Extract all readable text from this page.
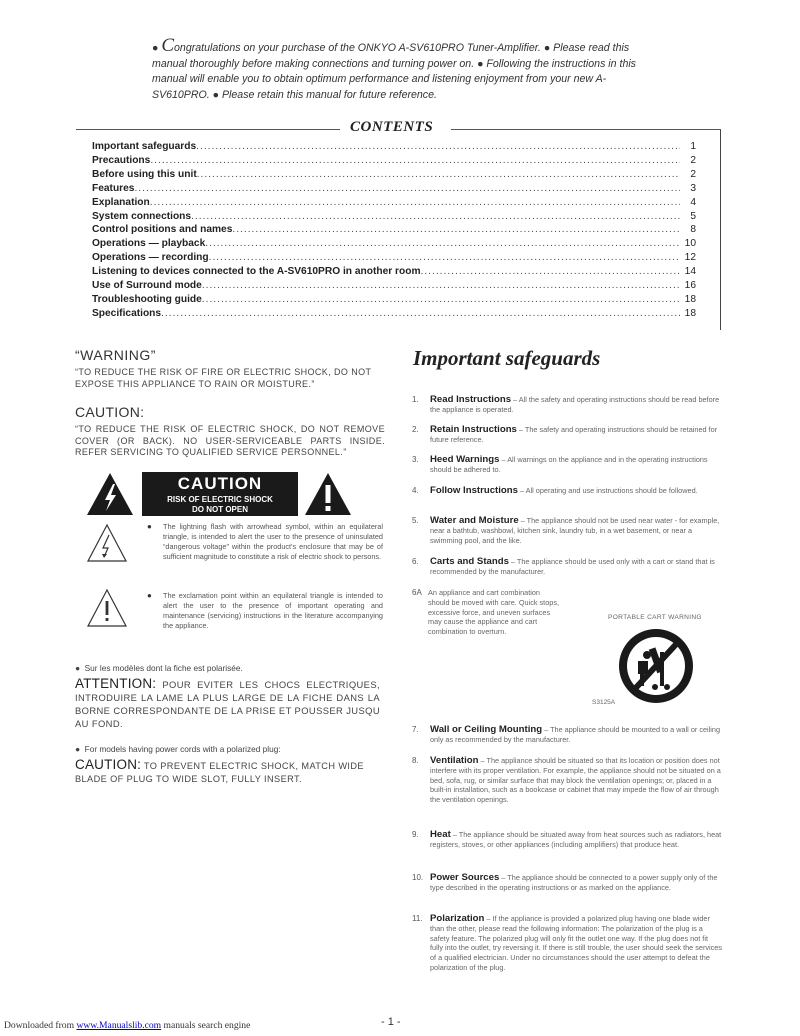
● Congratulations on your purchase of the ONKYO A-SV610PRO Tuner-Amplifier. ● Please read this manual thoroughly before making connections and turning power on. ● Following the instructions in this manual will enable you to obtain optimum performance and listening enjoyment from your new A-SV610PRO. ● Please retain this manual for future reference.
CONTENTS
Important safeguards .....	1
Precautions .....	2
Before using this unit .....	2
Features .....	3
Explanation .....	4
System connections .....	5
Control positions and names .....	8
Operations — playback .....	10
Operations — recording .....	12
Listening to devices connected to the A-SV610PRO in another room .....	14
Use of Surround mode .....	16
Troubleshooting guide .....	18
Specifications .....	18
“WARNING”
“TO REDUCE THE RISK OF FIRE OR ELECTRIC SHOCK, DO NOT EXPOSE THIS APPLIANCE TO RAIN OR MOISTURE.”
CAUTION:
“TO REDUCE THE RISK OF ELECTRIC SHOCK, DO NOT REMOVE COVER (OR BACK). NO USER-SERVICEABLE PARTS INSIDE. REFER SERVICING TO QUALIFIED SERVICE PERSONNEL.”
CAUTION
RISK OF ELECTRIC SHOCK
DO NOT OPEN
● The lightning flash with arrowhead symbol, within an equilateral triangle, is intended to alert the user to the presence of uninsulated “dangerous voltage” within the product's enclosure that may be of sufficient magnitude to constitute a risk of electric shock to persons.
● The exclamation point within an equilateral triangle is intended to alert the user to the presence of important operating and maintenance (servicing) instructions in the literature accompanying the appliance.
● Sur les modèles dont la fiche est polarisée.
ATTENTION: POUR EVITER LES CHOCS ELECTRIQUES, INTRODUIRE LA LAME LA PLUS LARGE DE LA FICHE DANS LA BORNE CORRESPONDANTE DE LA PRISE ET POUSSER JUSQU AU FOND.
● For models having power cords with a polarized plug:
CAUTION: TO PREVENT ELECTRIC SHOCK, MATCH WIDE BLADE OF PLUG TO WIDE SLOT, FULLY INSERT.
Important safeguards
1.	Read Instructions – All the safety and operating instructions should be read before the appliance is operated.
2.	Retain Instructions – The safety and operating instructions should be retained for future reference.
3.	Heed Warnings – All warnings on the appliance and in the operating instructions should be adhered to.
4.	Follow Instructions – All operating and use instructions should be followed.
5.	Water and Moisture – The appliance should not be used near water - for example, near a bathtub, washbowl, kitchen sink, laundry tub, in a wet basement, or near a swimming pool, and the like.
6.	Carts and Stands – The appliance should be used only with a cart or stand that is recommended by the manufacturer.
6A An appliance and cart combination should be moved with care. Quick stops, excessive force, and uneven surfaces may cause the appliance and cart combination to overturn.
PORTABLE CART WARNING
S3125A
7.	Wall or Ceiling Mounting – The appliance should be mounted to a wall or ceiling only as recommended by the manufacturer.
8.	Ventilation – The appliance should be situated so that its location or position does not interfere with its proper ventilation. For example, the appliance should not be situated on a bed, sofa, rug, or similar surface that may block the ventilation openings; or, placed in a built-in installation, such as a bookcase or cabinet that may impede the flow of air through the ventilation openings.
9.	Heat – The appliance should be situated away from heat sources such as radiators, heat registers, stoves, or other appliances (including amplifiers) that produce heat.
10. Power Sources – The appliance should be connected to a power supply only of the type described in the operating instructions or as marked on the appliance.
11. Polarization – If the appliance is provided a polarized plug having one blade wider than the other, please read the following information: The polarization of the plug is a safety feature. The polarized plug will only fit the outlet one way. If the plug does not fit fully into the outlet, try reversing it. If there is still trouble, the user should seek the services of a qualified electrician. Under no circumstances should the user attempt to defeat the polarization of the plug.
Downloaded from www.Manualslib.com manuals search engine	- 1 -
